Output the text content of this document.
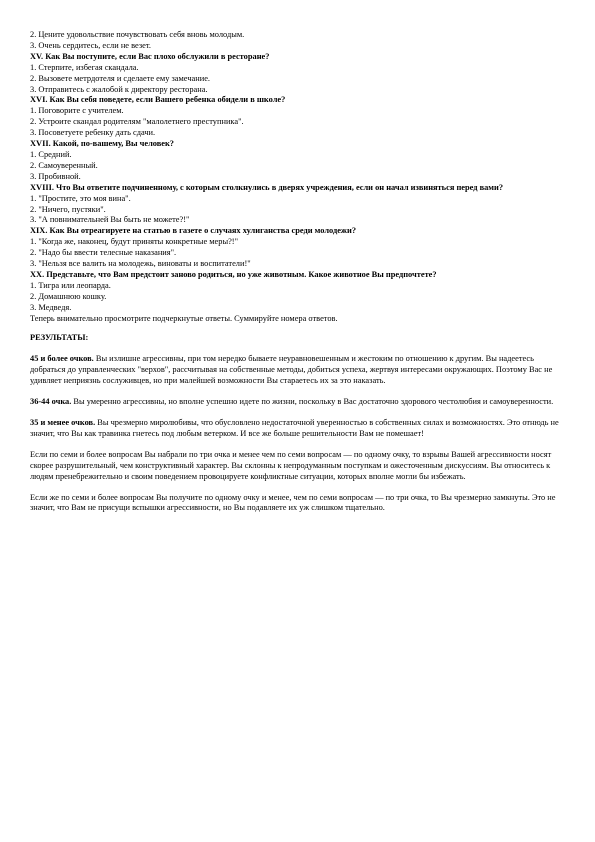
2. Цените удовольствие почувствовать себя вновь молодым.
3. Очень сердитесь, если не везет.
XV. Как Вы поступите, если Вас плохо обслужили в ресторане?
1. Стерпите, избегая скандала.
2. Вызовете метрдотеля и сделаете ему замечание.
3. Отправитесь с жалобой к директору ресторана.
XVI. Как Вы себя поведете, если Вашего ребенка обидели в школе?
1. Поговорите с учителем.
2. Устроите скандал родителям "малолетнего преступника".
3. Посоветуете ребенку дать сдачи.
XVII. Какой, по-вашему, Вы человек?
1. Средний.
2. Самоуверенный.
3. Пробивной.
XVIII. Что Вы ответите подчиненному, с которым столкнулись в дверях учреждения, если он начал извиняться перед вами?
1. "Простите, это моя вина".
2. "Ничего, пустяки".
3. "А повнимательней Вы быть не можете?!"
XIX. Как Вы отреагируете на статью в газете о случаях хулиганства среди молодежи?
1. "Когда же, наконец, будут приняты конкретные меры?!"
2. "Надо бы ввести телесные наказания".
3. "Нельзя все валить на молодежь, виноваты и воспитатели!"
XX. Представьте, что Вам предстоит заново родиться, но уже животным. Какое животное Вы предпочтете?
1. Тигра или леопарда.
2. Домашнюю кошку.
3. Медведя.
Теперь внимательно просмотрите подчеркнутые ответы. Суммируйте номера ответов.
РЕЗУЛЬТАТЫ:
45 и более очков. Вы излишне агрессивны, при том нередко бываете неуравновешенным и жестоким по отношению к другим. Вы надеетесь добраться до управленческих "верхов", рассчитывая на собственные методы, добиться успеха, жертвуя интересами окружающих. Поэтому Вас не удивляет неприязнь сослуживцев, но при малейшей возможности Вы стараетесь их за это наказать.
36-44 очка. Вы умеренно агрессивны, но вполне успешно идете по жизни, поскольку в Вас достаточно здорового честолюбия и самоуверенности.
35 и менее очков. Вы чрезмерно миролюбивы, что обусловлено недостаточной уверенностью в собственных силах и возможностях. Это отнюдь не значит, что Вы как травинка гнетесь под любым ветерком. И все же больше решительности Вам не помешает!
Если по семи и более вопросам Вы набрали по три очка и менее чем по семи вопросам — по одному очку, то взрывы Вашей агрессивности носят скорее разрушительный, чем конструктивный характер. Вы склонны к непродуманным поступкам и ожесточенным дискуссиям. Вы относитесь к людям пренебрежительно и своим поведением провоцируете конфликтные ситуации, которых вполне могли бы избежать.
Если же по семи и более вопросам Вы получите по одному очку и менее, чем по семи вопросам — по три очка, то Вы чрезмерно замкнуты. Это не значит, что Вам не присущи вспышки агрессивности, но Вы подавляете их уж слишком тщательно.
